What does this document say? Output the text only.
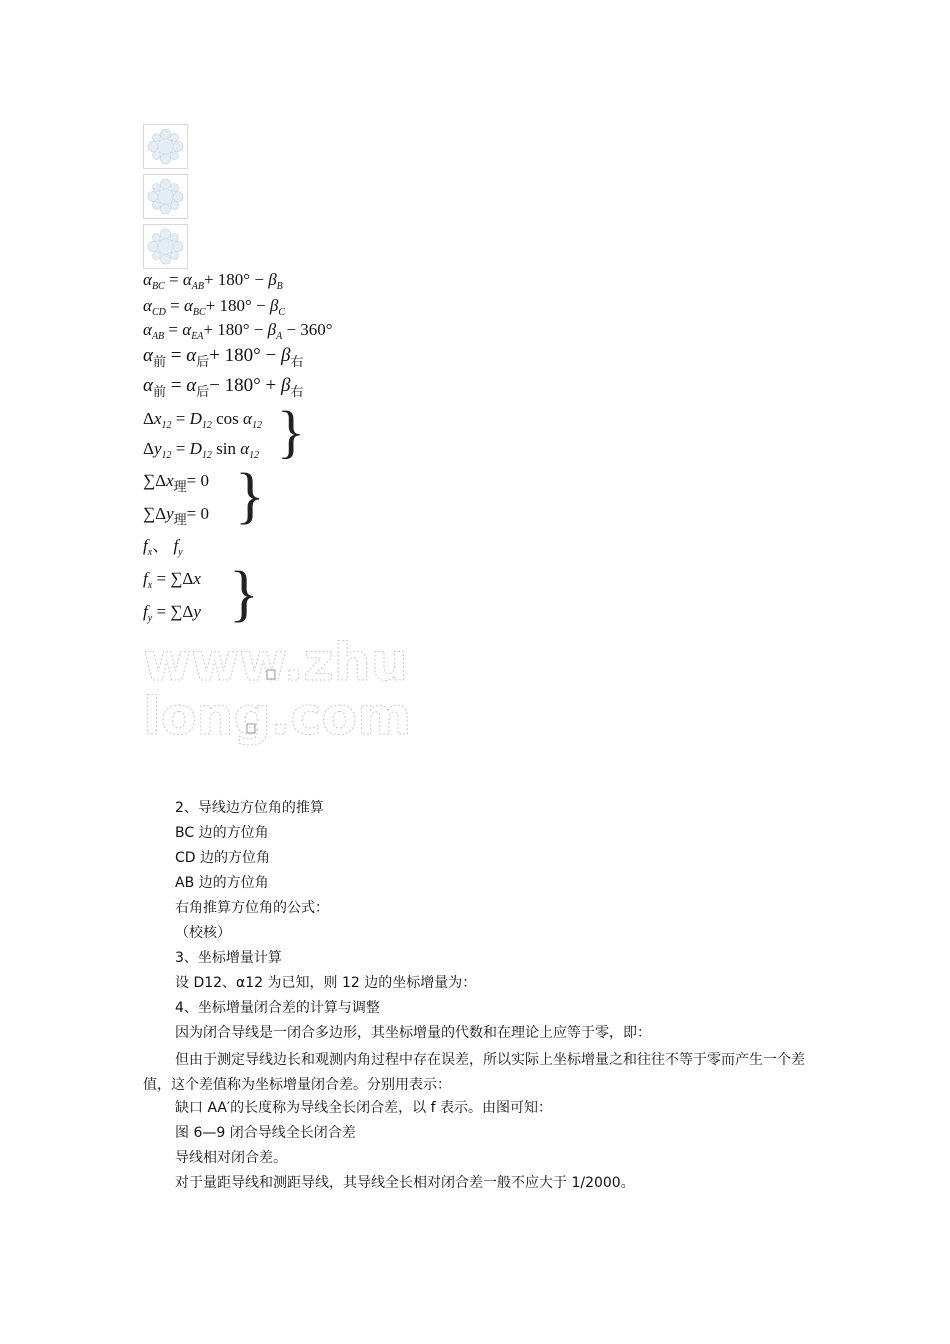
$\alpha_{BC} = \alpha_{AB}+ 180^\circ - \beta_B$
$\alpha_{CD} = \alpha_{BC}+ 180^\circ - \beta_C$
$\alpha_{AB} = \alpha_{EA}+ 180^\circ - \beta_A - 360^\circ$
$\alpha_前 = \alpha_后+ 180^\circ - \beta_右$
$\alpha_前 = \alpha_后- 180^\circ + \beta_右$
$\Delta x_{12} = D_{12}$ $\cos \alpha_{12}$
$\Delta y_{12} = D_{12}$ $\sin \alpha_{12}$ }
$\sum\Delta x_理= 0$
$\sum\Delta y_理= 0$ }
$f_x$、 $f_y$
$f_x = \sum\Delta x$
$f_y = \sum\Delta y$ }
www.zhu
long.com
2、导线边方位角的推算
BC 边的方位角
CD 边的方位角
AB 边的方位角
右角推算方位角的公式：
（校核）
3、坐标增量计算
设 D12、α12 为已知，则 12 边的坐标增量为：
4、坐标增量闭合差的计算与调整
因为闭合导线是一闭合多边形，其坐标增量的代数和在理论上应等于零，即：
但由于测定导线边长和观测内角过程中存在误差，所以实际上坐标增量之和往往不等于零而产生一个差值，这个差值称为坐标增量闭合差。分别用表示：
缺口 AA′的长度称为导线全长闭合差，以 f 表示。由图可知：
图 6—9 闭合导线全长闭合差
导线相对闭合差。
对于量距导线和测距导线，其导线全长相对闭合差一般不应大于 1/2000。
